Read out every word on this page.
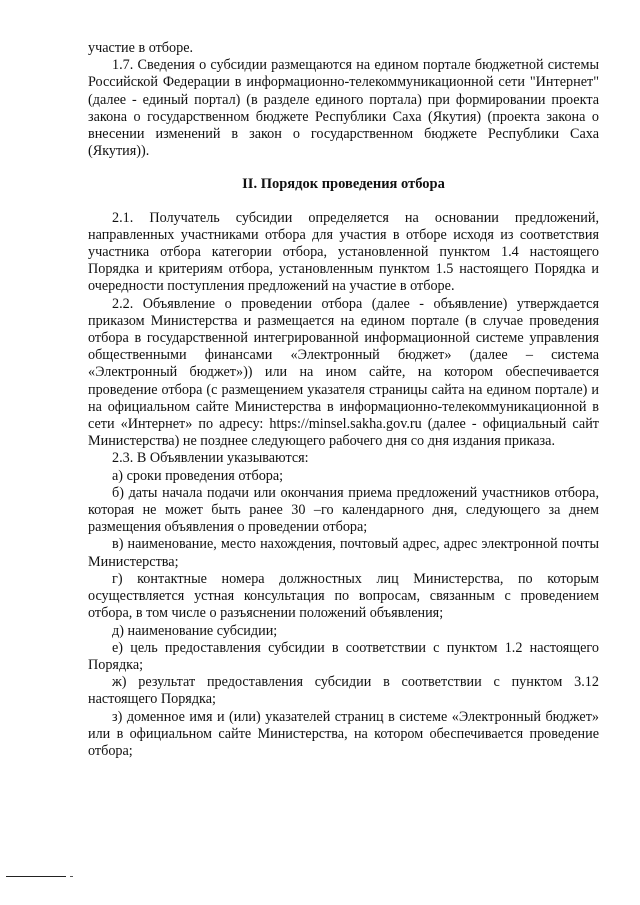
участие в отборе.

1.7. Сведения о субсидии размещаются на едином портале бюджетной системы Российской Федерации в информационно-телекоммуникационной сети "Интернет" (далее - единый портал) (в разделе единого портала) при формировании проекта закона о государственном бюджете Республики Саха (Якутия) (проекта закона о внесении изменений в закон о государственном бюджете Республики Саха (Якутия)).

II. Порядок проведения отбора

2.1. Получатель субсидии определяется на основании предложений, направленных участниками отбора для участия в отборе исходя из соответствия участника отбора категории отбора, установленной пунктом 1.4 настоящего Порядка и критериям отбора, установленным пунктом 1.5 настоящего Порядка и очередности поступления предложений на участие в отборе.

2.2. Объявление о проведении отбора (далее - объявление) утверждается приказом Министерства и размещается на едином портале (в случае проведения отбора в государственной интегрированной информационной системе управления общественными финансами «Электронный бюджет» (далее – система «Электронный бюджет»)) или на ином сайте, на котором обеспечивается проведение отбора (с размещением указателя страницы сайта на едином портале) и на официальном сайте Министерства в информационно-телекоммуникационной в сети «Интернет» по адресу: https://minsel.sakha.gov.ru (далее - официальный сайт Министерства) не позднее следующего рабочего дня со дня издания приказа.

2.3. В Объявлении указываются:

а) сроки проведения отбора;

б) даты начала подачи или окончания приема предложений участников отбора, которая не может быть ранее 30 –го календарного дня, следующего за днем размещения объявления о проведении отбора;

в) наименование, место нахождения, почтовый адрес, адрес электронной почты Министерства;

г) контактные номера должностных лиц Министерства, по которым осуществляется устная консультация по вопросам, связанным с проведением отбора, в том числе о разъяснении положений объявления;

д) наименование субсидии;

е) цель предоставления субсидии в соответствии с пунктом 1.2 настоящего Порядка;

ж) результат предоставления субсидии в соответствии с пунктом 3.12 настоящего Порядка;

з) доменное имя и (или) указателей страниц в системе «Электронный бюджет» или в официальном сайте Министерства, на котором обеспечивается проведение отбора;
